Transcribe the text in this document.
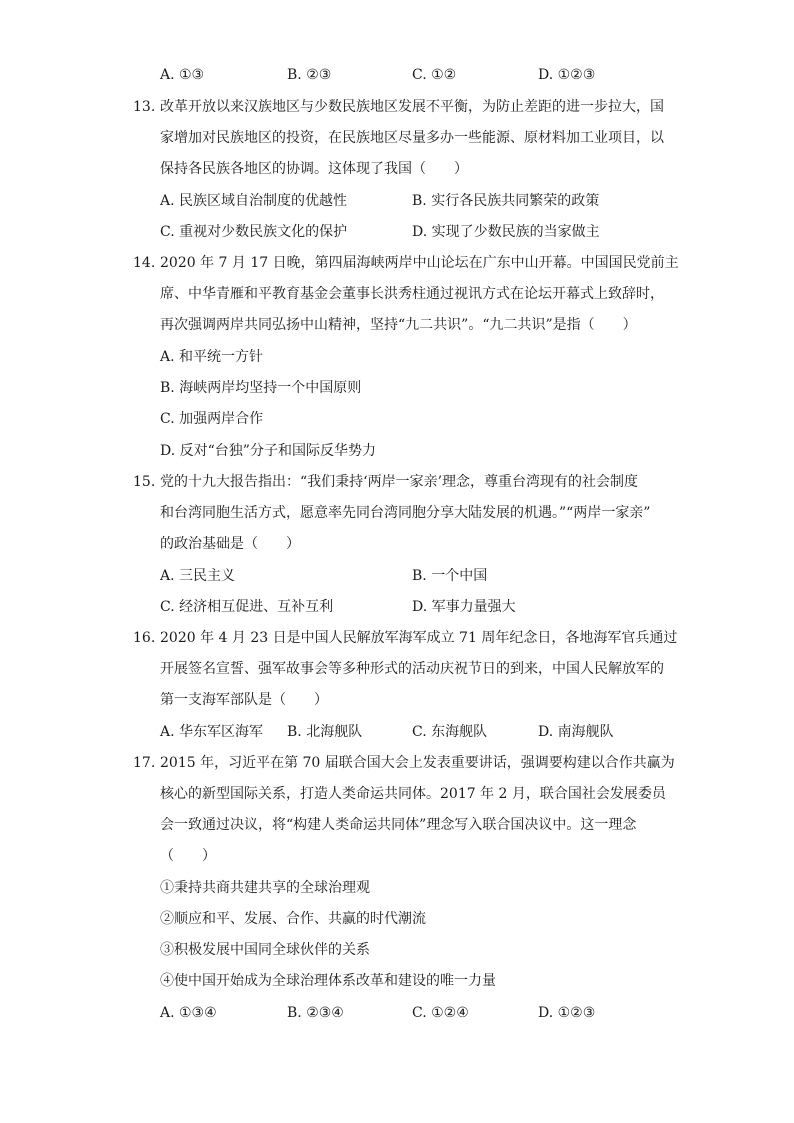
A. ①③	B. ②③	C. ①②	D. ①②③
13. 改革开放以来汉族地区与少数民族地区发展不平衡，为防止差距的进一步拉大，国
家增加对民族地区的投资，在民族地区尽量多办一些能源、原材料加工业项目，以
保持各民族各地区的协调。这体现了我国（　　）
A. 民族区域自治制度的优越性	B. 实行各民族共同繁荣的政策
C. 重视对少数民族文化的保护	D. 实现了少数民族的当家做主
14. 2020 年 7 月 17 日晚，第四届海峡两岸中山论坛在广东中山开幕。中国国民党前主
席、中华青雁和平教育基金会董事长洪秀柱通过视讯方式在论坛开幕式上致辞时，
再次强调两岸共同弘扬中山精神，坚持“九二共识”。“九二共识”是指（　　）
A. 和平统一方针
B. 海峡两岸均坚持一个中国原则
C. 加强两岸合作
D. 反对“台独”分子和国际反华势力
15. 党的十九大报告指出：“我们秉持‘两岸一家亲’理念，尊重台湾现有的社会制度
和台湾同胞生活方式，愿意率先同台湾同胞分享大陆发展的机遇。”“两岸一家亲”
的政治基础是（　　）
A. 三民主义	B. 一个中国
C. 经济相互促进、互补互利	D. 军事力量强大
16. 2020 年 4 月 23 日是中国人民解放军海军成立 71 周年纪念日，各地海军官兵通过
开展签名宣誓、强军故事会等多种形式的活动庆祝节日的到来，中国人民解放军的
第一支海军部队是（　　）
A. 华东军区海军 B. 北海舰队	C. 东海舰队	D. 南海舰队
17. 2015 年，习近平在第 70 届联合国大会上发表重要讲话，强调要构建以合作共赢为
核心的新型国际关系，打造人类命运共同体。2017 年 2 月，联合国社会发展委员
会一致通过决议，将“构建人类命运共同体”理念写入联合国决议中。这一理念
（　　）
①秉持共商共建共享的全球治理观
②顺应和平、发展、合作、共赢的时代潮流
③积极发展中国同全球伙伴的关系
④使中国开始成为全球治理体系改革和建设的唯一力量
A. ①③④	B. ②③④	C. ①②④	D. ①②③
